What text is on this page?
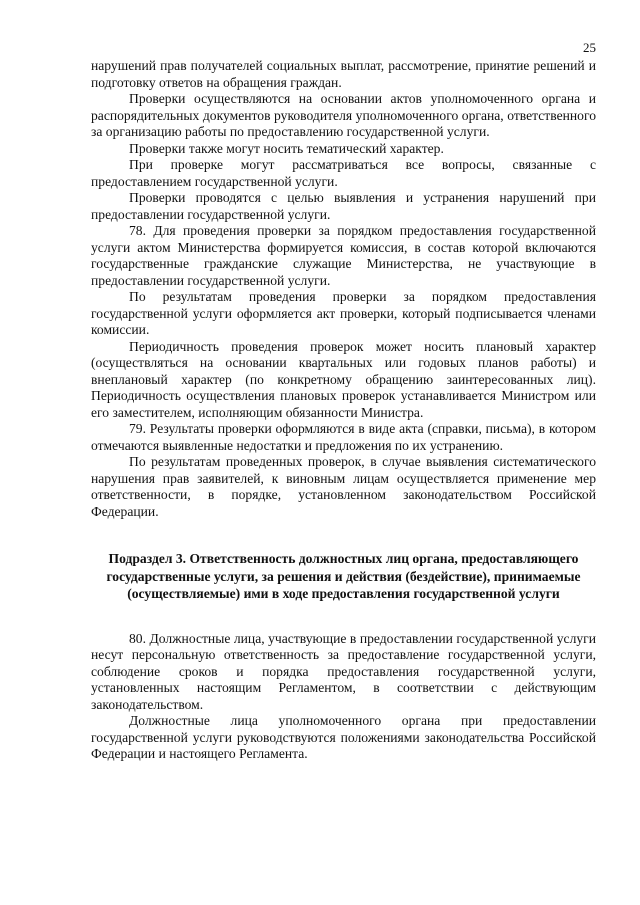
25

нарушений прав получателей социальных выплат, рассмотрение, принятие решений и подготовку ответов на обращения граждан.

Проверки осуществляются на основании актов уполномоченного органа и распорядительных документов руководителя уполномоченного органа, ответственного за организацию работы по предоставлению государственной услуги.

Проверки также могут носить тематический характер.

При проверке могут рассматриваться все вопросы, связанные с предоставлением государственной услуги.

Проверки проводятся с целью выявления и устранения нарушений при предоставлении государственной услуги.

78. Для проведения проверки за порядком предоставления государственной услуги актом Министерства формируется комиссия, в состав которой включаются государственные гражданские служащие Министерства, не участвующие в предоставлении государственной услуги.

По результатам проведения проверки за порядком предоставления государственной услуги оформляется акт проверки, который подписывается членами комиссии.

Периодичность проведения проверок может носить плановый характер (осуществляться на основании квартальных или годовых планов работы) и внеплановый характер (по конкретному обращению заинтересованных лиц). Периодичность осуществления плановых проверок устанавливается Министром или его заместителем, исполняющим обязанности Министра.

79. Результаты проверки оформляются в виде акта (справки, письма), в котором отмечаются выявленные недостатки и предложения по их устранению.

По результатам проведенных проверок, в случае выявления систематического нарушения прав заявителей, к виновным лицам осуществляется применение мер ответственности, в порядке, установленном законодательством Российской Федерации.

Подраздел 3. Ответственность должностных лиц органа, предоставляющего государственные услуги, за решения и действия (бездействие), принимаемые (осуществляемые) ими в ходе предоставления государственной услуги

80. Должностные лица, участвующие в предоставлении государственной услуги несут персональную ответственность за предоставление государственной услуги, соблюдение сроков и порядка предоставления государственной услуги, установленных настоящим Регламентом, в соответствии с действующим законодательством.

Должностные лица уполномоченного органа при предоставлении государственной услуги руководствуются положениями законодательства Российской Федерации и настоящего Регламента.
